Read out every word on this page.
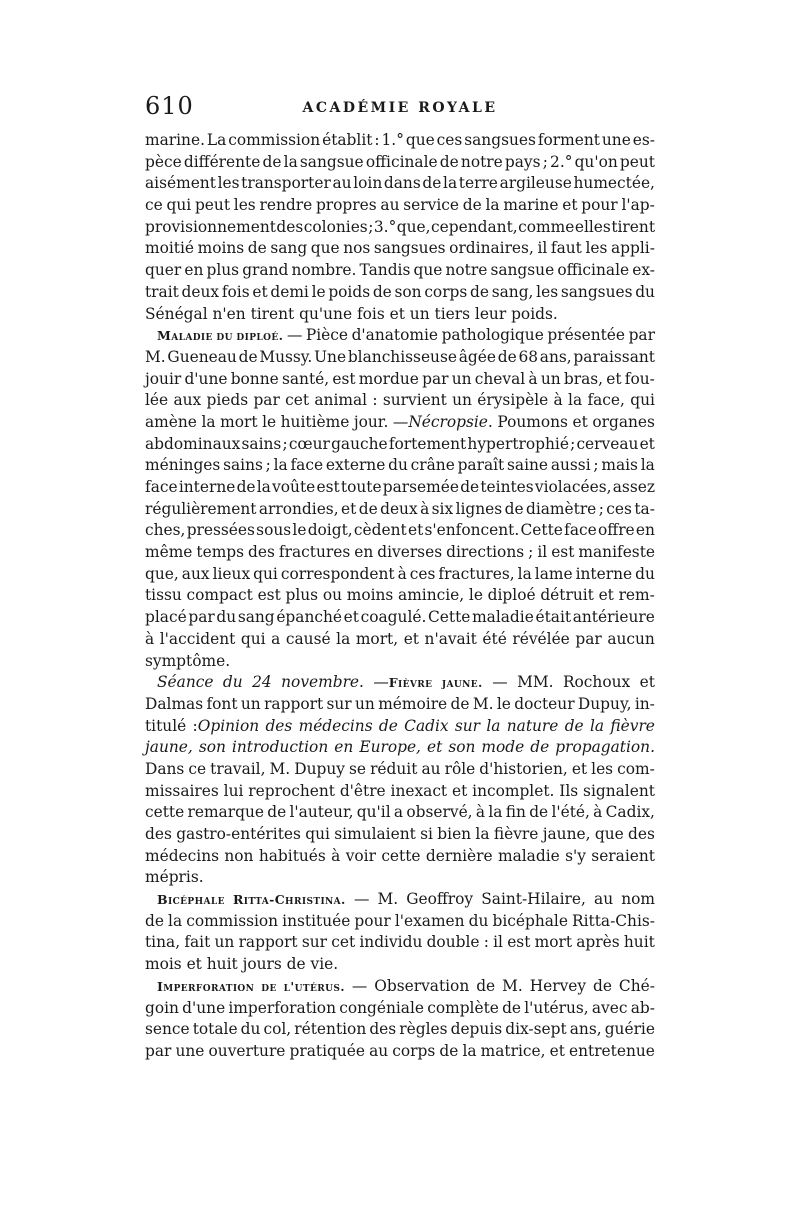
610	ACADÉMIE ROYALE
marine. La commission établit : 1.° que ces sangsues forment une es-
pèce différente de la sangsue officinale de notre pays ; 2.° qu'on peut
aisément les transporter au loin dans de la terre argileuse humectée,
ce qui peut les rendre propres au service de la marine et pour l'ap-
provisionnement des colonies ; 3.° que, cependant, comme elles tirent
moitié moins de sang que nos sangsues ordinaires, il faut les appli-
quer en plus grand nombre. Tandis que notre sangsue officinale ex-
trait deux fois et demi le poids de son corps de sang, les sangsues du
Sénégal n'en tirent qu'une fois et un tiers leur poids.
Maladie du diploé. — Pièce d'anatomie pathologique présentée par
M. Gueneau de Mussy. Une blanchisseuse âgée de 68 ans, paraissant
jouir d'une bonne santé, est mordue par un cheval à un bras, et fou-
lée aux pieds par cet animal : survient un érysipèle à la face, qui
amène la mort le huitième jour. —Nécropsie. Poumons et organes
abdominaux sains ; cœur gauche fortement hypertrophié ; cerveau et
méninges sains ; la face externe du crâne paraît saine aussi ; mais la
face interne de la voûte est toute parsemée de teintes violacées, assez
régulièrement arrondies, et de deux à six lignes de diamètre ; ces ta-
ches, pressées sous le doigt, cèdent et s'enfoncent. Cette face offre en
même temps des fractures en diverses directions ; il est manifeste
que, aux lieux qui correspondent à ces fractures, la lame interne du
tissu compact est plus ou moins amincie, le diploé détruit et rem-
placé par du sang épanché et coagulé. Cette maladie était antérieure
à l'accident qui a causé la mort, et n'avait été révélée par aucun
symptôme.
Séance du 24 novembre. —Fièvre jaune. — MM. Rochoux et
Dalmas font un rapport sur un mémoire de M. le docteur Dupuy, in-
titulé :Opinion des médecins de Cadix sur la nature de la fièvre
jaune, son introduction en Europe, et son mode de propagation.
Dans ce travail, M. Dupuy se réduit au rôle d'historien, et les com-
missaires lui reprochent d'être inexact et incomplet. Ils signalent
cette remarque de l'auteur, qu'il a observé, à la fin de l'été, à Cadix,
des gastro-entérites qui simulaient si bien la fièvre jaune, que des
médecins non habitués à voir cette dernière maladie s'y seraient
mépris.
Bicéphale Ritta-Christina. — M. Geoffroy Saint-Hilaire, au nom
de la commission instituée pour l'examen du bicéphale Ritta-Chis-
tina, fait un rapport sur cet individu double : il est mort après huit
mois et huit jours de vie.
Imperforation de l'utérus. — Observation de M. Hervey de Ché-
goin d'une imperforation congéniale complète de l'utérus, avec ab-
sence totale du col, rétention des règles depuis dix-sept ans, guérie
par une ouverture pratiquée au corps de la matrice, et entretenue
